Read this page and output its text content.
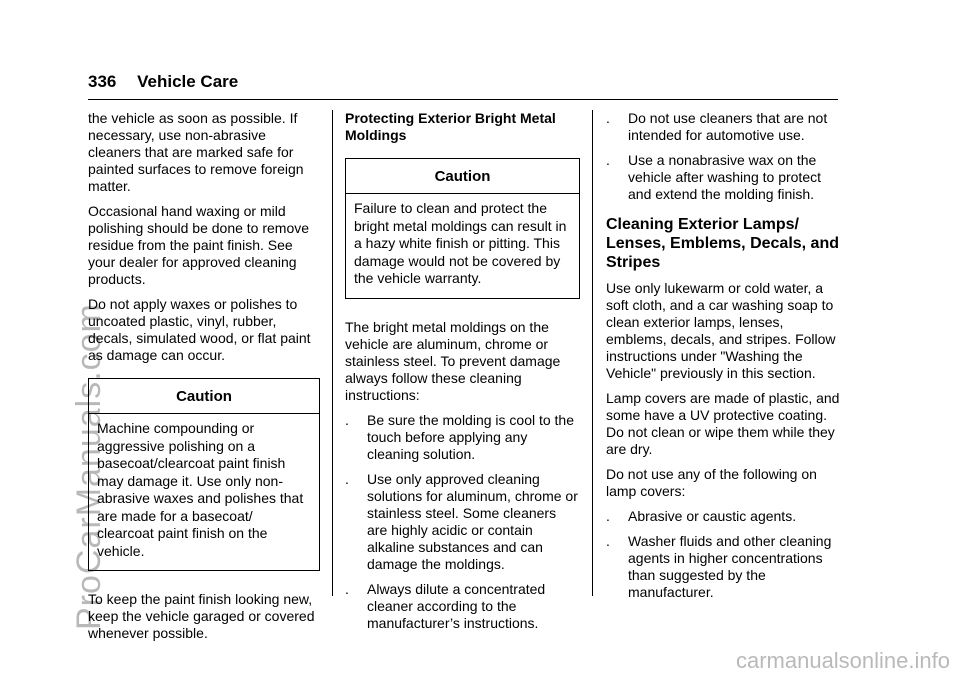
336 Vehicle Care

the vehicle as soon as possible. If necessary, use non-abrasive cleaners that are marked safe for painted surfaces to remove foreign matter.

Occasional hand waxing or mild polishing should be done to remove residue from the paint finish. See your dealer for approved cleaning products.

Do not apply waxes or polishes to uncoated plastic, vinyl, rubber, decals, simulated wood, or flat paint as damage can occur.

Caution
Machine compounding or aggressive polishing on a basecoat/clearcoat paint finish may damage it. Use only non-abrasive waxes and polishes that are made for a basecoat/ clearcoat paint finish on the vehicle.

To keep the paint finish looking new, keep the vehicle garaged or covered whenever possible.

Protecting Exterior Bright Metal Moldings

Caution
Failure to clean and protect the bright metal moldings can result in a hazy white finish or pitting. This damage would not be covered by the vehicle warranty.

The bright metal moldings on the vehicle are aluminum, chrome or stainless steel. To prevent damage always follow these cleaning instructions:

.	Be sure the molding is cool to the touch before applying any cleaning solution.
.	Use only approved cleaning solutions for aluminum, chrome or stainless steel. Some cleaners are highly acidic or contain alkaline substances and can damage the moldings.
.	Always dilute a concentrated cleaner according to the manufacturer’s instructions.
.	Do not use cleaners that are not intended for automotive use.
.	Use a nonabrasive wax on the vehicle after washing to protect and extend the molding finish.
Cleaning Exterior Lamps/ Lenses, Emblems, Decals, and Stripes

Use only lukewarm or cold water, a soft cloth, and a car washing soap to clean exterior lamps, lenses, emblems, decals, and stripes. Follow instructions under "Washing the Vehicle" previously in this section.

Lamp covers are made of plastic, and some have a UV protective coating. Do not clean or wipe them while they are dry.

Do not use any of the following on lamp covers:

.	Abrasive or caustic agents.
.	Washer fluids and other cleaning agents in higher concentrations than suggested by the manufacturer.
ProCarManuals.com
carmanualsonline.info
